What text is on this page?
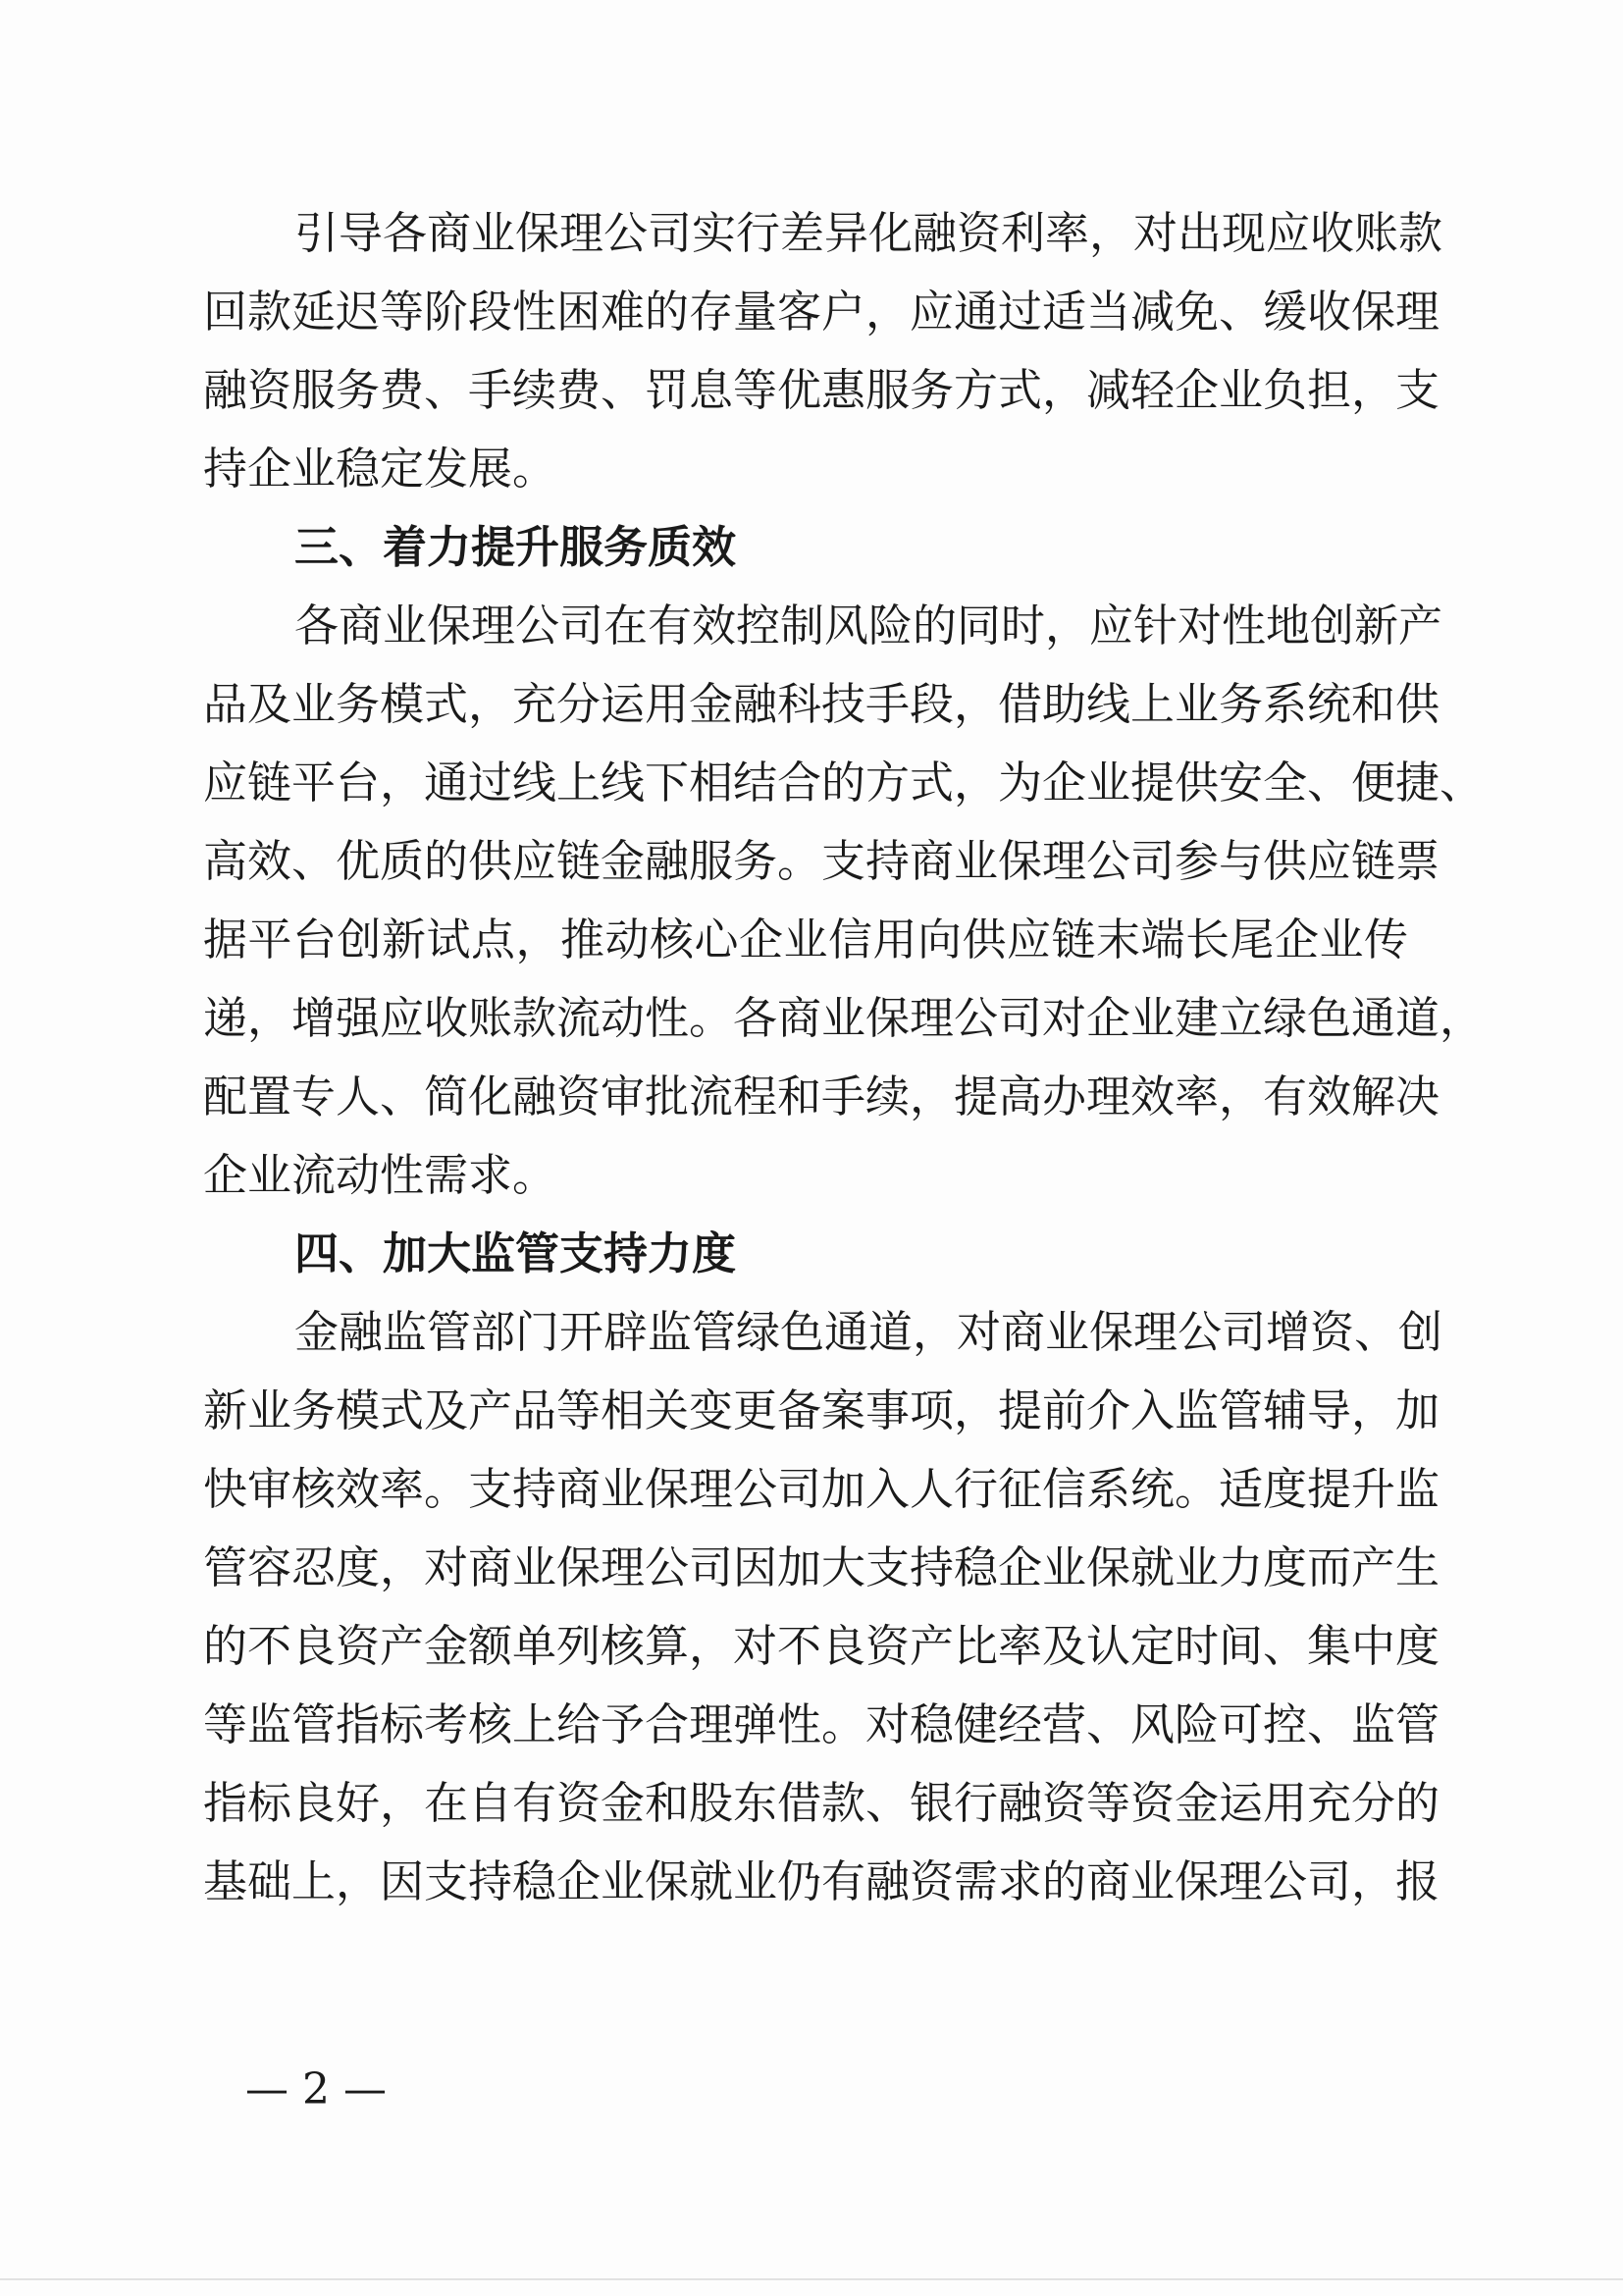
引导各商业保理公司实行差异化融资利率，对出现应收账款
回款延迟等阶段性困难的存量客户，应通过适当减免、缓收保理
融资服务费、手续费、罚息等优惠服务方式，减轻企业负担，支
持企业稳定发展。
三、着力提升服务质效
各商业保理公司在有效控制风险的同时，应针对性地创新产
品及业务模式，充分运用金融科技手段，借助线上业务系统和供
应链平台，通过线上线下相结合的方式，为企业提供安全、便捷、
高效、优质的供应链金融服务。支持商业保理公司参与供应链票
据平台创新试点，推动核心企业信用向供应链末端长尾企业传
递，增强应收账款流动性。各商业保理公司对企业建立绿色通道，
配置专人、简化融资审批流程和手续，提高办理效率，有效解决
企业流动性需求。
四、加大监管支持力度
金融监管部门开辟监管绿色通道，对商业保理公司增资、创
新业务模式及产品等相关变更备案事项，提前介入监管辅导，加
快审核效率。支持商业保理公司加入人行征信系统。适度提升监
管容忍度，对商业保理公司因加大支持稳企业保就业力度而产生
的不良资产金额单列核算，对不良资产比率及认定时间、集中度
等监管指标考核上给予合理弹性。对稳健经营、风险可控、监管
指标良好，在自有资金和股东借款、银行融资等资金运用充分的
基础上，因支持稳企业保就业仍有融资需求的商业保理公司，报
— 2 —
